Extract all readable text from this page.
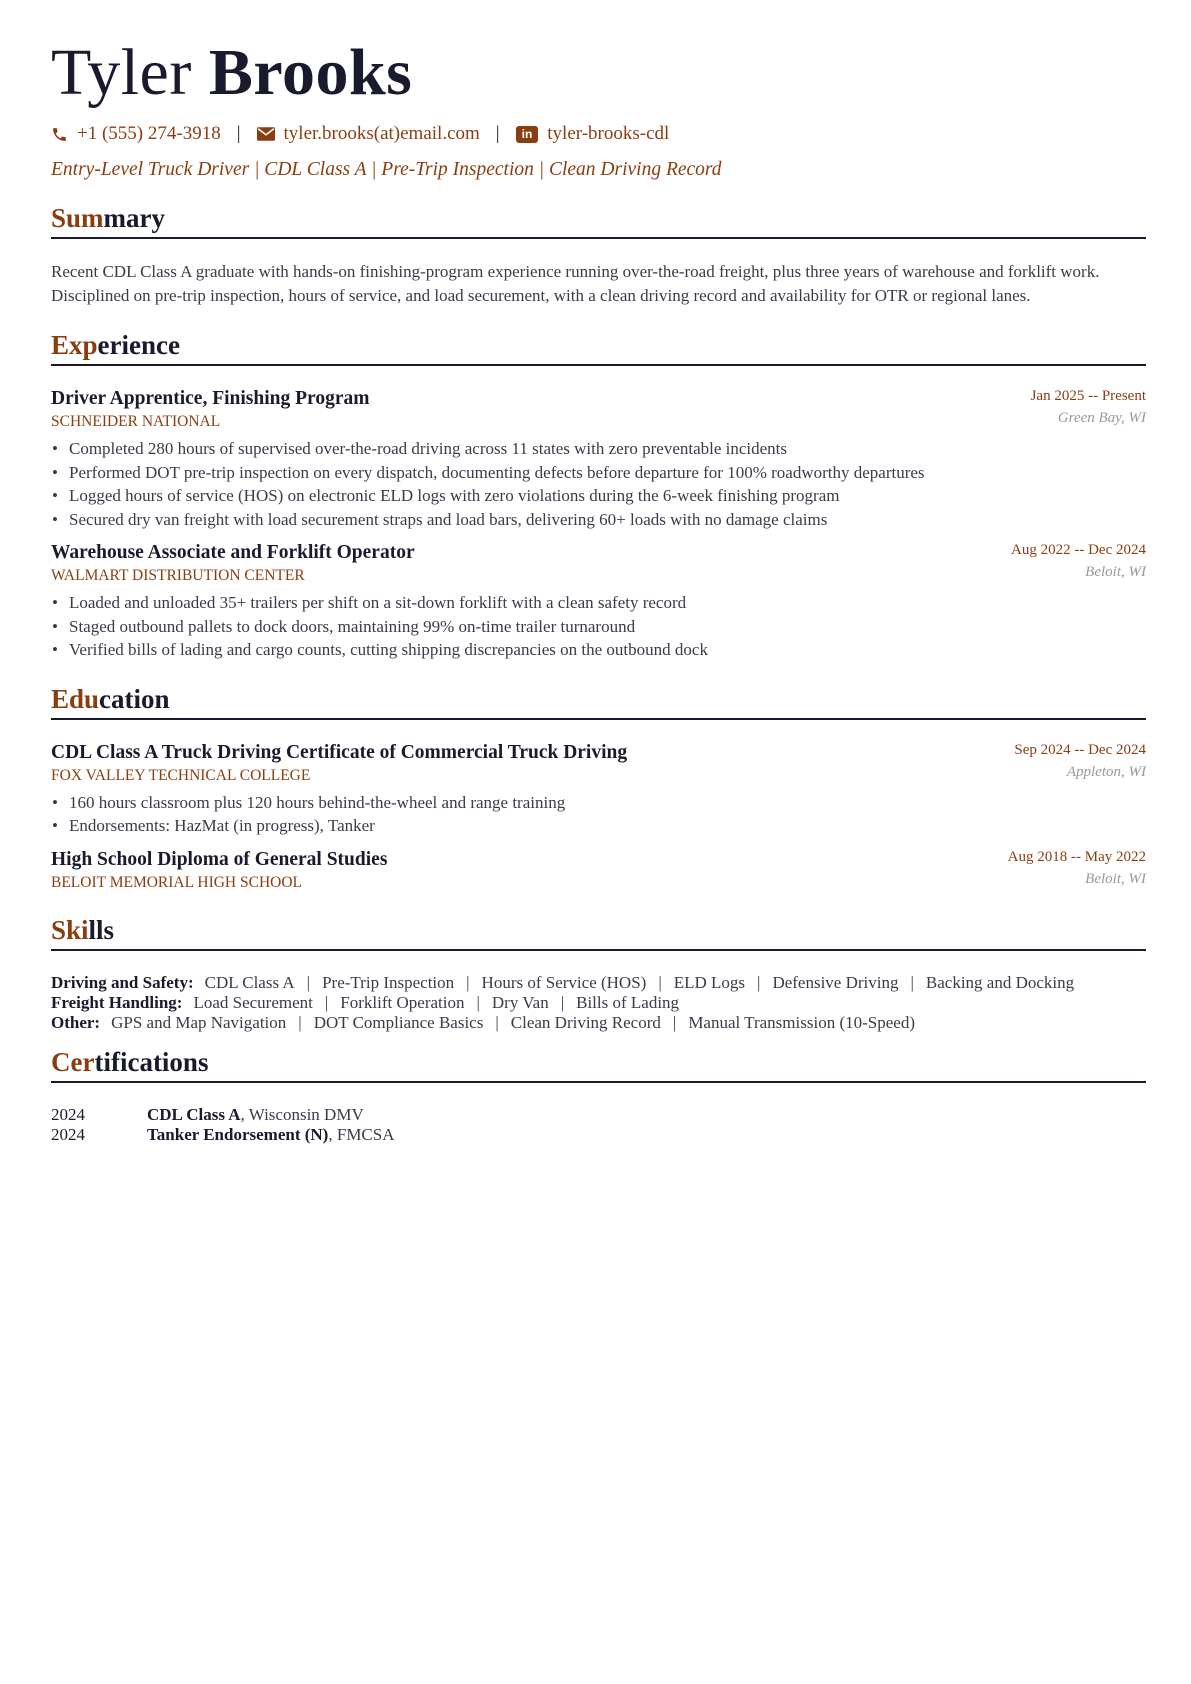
Tyler Brooks
+1 (555) 274-3918 | tyler.brooks(at)email.com |	in tyler-brooks-cdl
Entry-Level Truck Driver | CDL Class A | Pre-Trip Inspection | Clean Driving Record
Summary
Recent CDL Class A graduate with hands-on finishing-program experience running over-the-road freight, plus three years of warehouse and forklift work. Disciplined on pre-trip inspection, hours of service, and load securement, with a clean driving record and availability for OTR or regional lanes.
Experience
Driver Apprentice, Finishing Program
SCHNEIDER NATIONAL
Jan 2025 -- Present
Green Bay, WI
• Completed 280 hours of supervised over-the-road driving across 11 states with zero preventable incidents
• Performed DOT pre-trip inspection on every dispatch, documenting defects before departure for 100% roadworthy departures
• Logged hours of service (HOS) on electronic ELD logs with zero violations during the 6-week finishing program
• Secured dry van freight with load securement straps and load bars, delivering 60+ loads with no damage claims
Warehouse Associate and Forklift Operator
WALMART DISTRIBUTION CENTER
Aug 2022 -- Dec 2024
Beloit, WI
• Loaded and unloaded 35+ trailers per shift on a sit-down forklift with a clean safety record
• Staged outbound pallets to dock doors, maintaining 99% on-time trailer turnaround
• Verified bills of lading and cargo counts, cutting shipping discrepancies on the outbound dock
Education
CDL Class A Truck Driving Certificate of Commercial Truck Driving
FOX VALLEY TECHNICAL COLLEGE
Sep 2024 -- Dec 2024
Appleton, WI
• 160 hours classroom plus 120 hours behind-the-wheel and range training
• Endorsements: HazMat (in progress), Tanker
High School Diploma of General Studies
BELOIT MEMORIAL HIGH SCHOOL
Aug 2018 -- May 2022
Beloit, WI
Skills
Driving and Safety: CDL Class A | Pre-Trip Inspection | Hours of Service (HOS) | ELD Logs | Defensive Driving | Backing and Docking
Freight Handling: Load Securement | Forklift Operation | Dry Van | Bills of Lading
Other: GPS and Map Navigation | DOT Compliance Basics | Clean Driving Record | Manual Transmission (10-Speed)
Certifications
2024	CDL Class A, Wisconsin DMV
2024	Tanker Endorsement (N), FMCSA
